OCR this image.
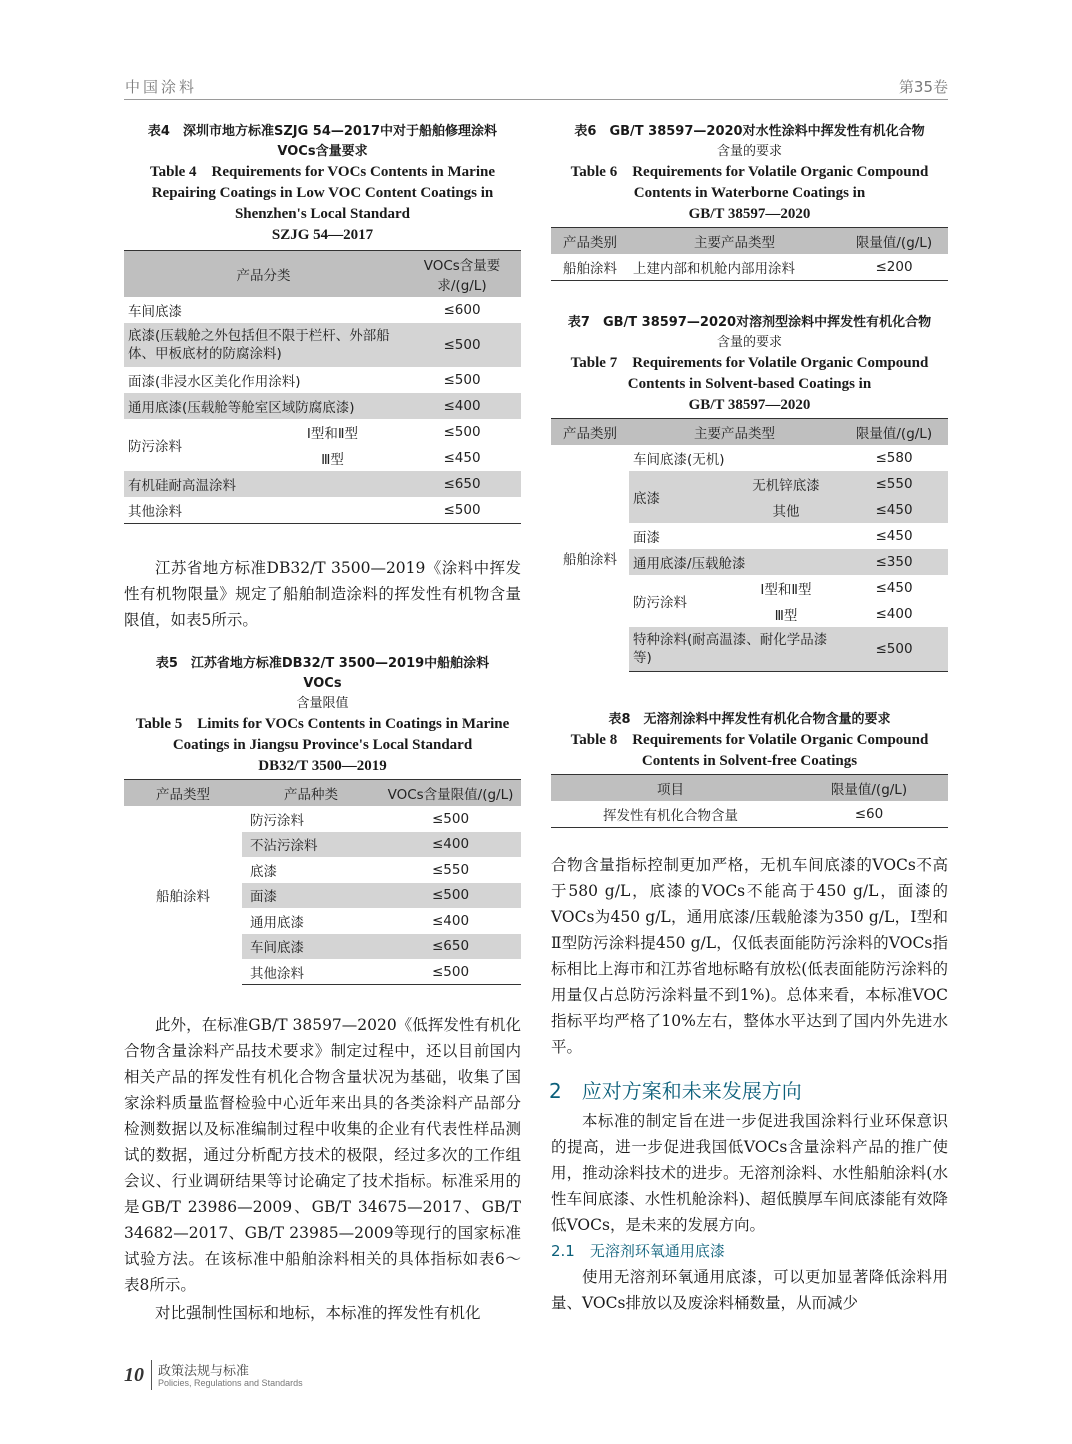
中国涂料	第35卷
表4　深圳市地方标准SZJG 54—2017中对于船舶修理涂料
VOCs含量要求
Table 4　Requirements for VOCs Contents in Marine
Repairing Coatings in Low VOC Content Coatings in
Shenzhen's Local Standard
SZJG 54—2017
产品分类		VOCs含量要求/(g/L)
车间底漆		≤600
底漆(压载舱之外包括但不限于栏杆、外部船体、甲板底材的防腐涂料)		≤500
面漆(非浸水区美化作用涂料)		≤500
通用底漆(压载舱等舱室区域防腐底漆)		≤400
防污涂料	Ⅰ型和Ⅱ型	≤500
	Ⅲ型	≤450
有机硅耐高温涂料		≤650
其他涂料		≤500

江苏省地方标准DB32/T 3500—2019《涂料中挥发性有机物限量》规定了船舶制造涂料的挥发性有机物含量限值，如表5所示。

表5　江苏省地方标准DB32/T 3500—2019中船舶涂料
VOCs
含量限值
Table 5　Limits for VOCs Contents in Coatings in Marine
Coatings in Jiangsu Province's Local Standard
DB32/T 3500—2019
产品类型	产品种类	VOCs含量限值/(g/L)
船舶涂料	防污涂料	≤500
	不沾污涂料	≤400
	底漆	≤550
	面漆	≤500
	通用底漆	≤400
	车间底漆	≤650
	其他涂料	≤500

此外，在标准GB/T 38597—2020《低挥发性有机化合物含量涂料产品技术要求》制定过程中，还以目前国内相关产品的挥发性有机化合物含量状况为基础，收集了国家涂料质量监督检验中心近年来出具的各类涂料产品部分检测数据以及标准编制过程中收集的企业有代表性样品测试的数据，通过分析配方技术的极限，经过多次的工作组会议、行业调研结果等讨论确定了技术指标。标准采用的是GB/T 23986—2009、GB/T 34675—2017、GB/T 34682—2017、GB/T 23985—2009等现行的国家标准试验方法。在该标准中船舶涂料相关的具体指标如表6～表8所示。

对比强制性国标和地标，本标准的挥发性有机化

表6　GB/T 38597—2020对水性涂料中挥发性有机化合物
含量的要求
Table 6　Requirements for Volatile Organic Compound
Contents in Waterborne Coatings in
GB/T 38597—2020
产品类别	主要产品类型	限量值/(g/L)
船舶涂料	上建内部和机舱内部用涂料	≤200
表7　GB/T 38597—2020对溶剂型涂料中挥发性有机化合物
含量的要求
Table 7　Requirements for Volatile Organic Compound
Contents in Solvent-based Coatings in
GB/T 38597—2020
产品类别	主要产品类型		限量值/(g/L)
船舶涂料	车间底漆(无机)		≤580
	底漆	无机锌底漆	≤550
		其他	≤450
	面漆		≤450
	通用底漆/压载舱漆		≤350
	防污涂料	Ⅰ型和Ⅱ型	≤450
		Ⅲ型	≤400
	特种涂料(耐高温漆、耐化学品漆等)		≤500
表8　无溶剂涂料中挥发性有机化合物含量的要求
Table 8　Requirements for Volatile Organic Compound
Contents in Solvent-free Coatings
项目	限量值/(g/L)
挥发性有机化合物含量	≤60

合物含量指标控制更加严格，无机车间底漆的VOCs不高于580 g/L，底漆的VOCs不能高于450 g/L，面漆的VOCs为450 g/L，通用底漆/压载舱漆为350 g/L，Ⅰ型和Ⅱ型防污涂料提450 g/L，仅低表面能防污涂料的VOCs指标相比上海市和江苏省地标略有放松(低表面能防污涂料的用量仅占总防污涂料量不到1%)。总体来看，本标准VOC指标平均严格了10%左右，整体水平达到了国内外先进水平。

2　应对方案和未来发展方向

本标准的制定旨在进一步促进我国涂料行业环保意识的提高，进一步促进我国低VOCs含量涂料产品的推广使用，推动涂料技术的进步。无溶剂涂料、水性船舶涂料(水性车间底漆、水性机舱涂料)、超低膜厚车间底漆能有效降低VOCs，是未来的发展方向。

2.1　无溶剂环氧通用底漆

使用无溶剂环氧通用底漆，可以更加显著降低涂料用量、VOCs排放以及废涂料桶数量，从而减少

10 政策法规与标准
Policies, Regulations and Standards
